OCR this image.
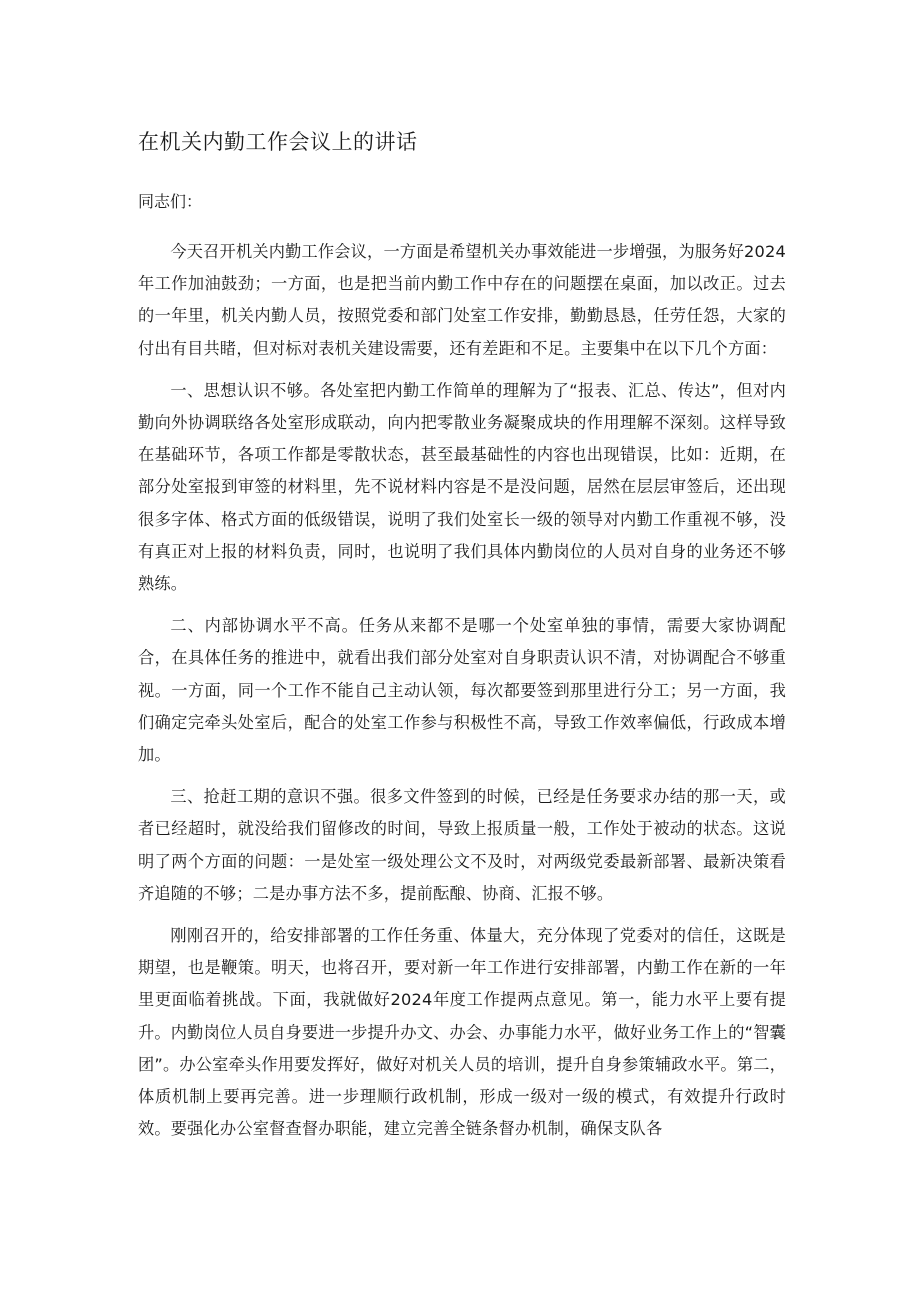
在机关内勤工作会议上的讲话

同志们：

今天召开机关内勤工作会议，一方面是希望机关办事效能进一步增强，为服务好2024年工作加油鼓劲；一方面，也是把当前内勤工作中存在的问题摆在桌面，加以改正。过去的一年里，机关内勤人员，按照党委和部门处室工作安排，勤勤恳恳，任劳任怨，大家的付出有目共睹，但对标对表机关建设需要，还有差距和不足。主要集中在以下几个方面：

一、思想认识不够。各处室把内勤工作简单的理解为了“报表、汇总、传达”，但对内勤向外协调联络各处室形成联动，向内把零散业务凝聚成块的作用理解不深刻。这样导致在基础环节，各项工作都是零散状态，甚至最基础性的内容也出现错误，比如：近期，在部分处室报到审签的材料里，先不说材料内容是不是没问题，居然在层层审签后，还出现很多字体、格式方面的低级错误，说明了我们处室长一级的领导对内勤工作重视不够，没有真正对上报的材料负责，同时，也说明了我们具体内勤岗位的人员对自身的业务还不够熟练。

二、内部协调水平不高。任务从来都不是哪一个处室单独的事情，需要大家协调配合，在具体任务的推进中，就看出我们部分处室对自身职责认识不清，对协调配合不够重视。一方面，同一个工作不能自己主动认领，每次都要签到那里进行分工；另一方面，我们确定完牵头处室后，配合的处室工作参与积极性不高，导致工作效率偏低，行政成本增加。

三、抢赶工期的意识不强。很多文件签到的时候，已经是任务要求办结的那一天，或者已经超时，就没给我们留修改的时间，导致上报质量一般，工作处于被动的状态。这说明了两个方面的问题：一是处室一级处理公文不及时，对两级党委最新部署、最新决策看齐追随的不够；二是办事方法不多，提前酝酿、协商、汇报不够。

刚刚召开的，给安排部署的工作任务重、体量大，充分体现了党委对的信任，这既是期望，也是鞭策。明天，也将召开，要对新一年工作进行安排部署，内勤工作在新的一年里更面临着挑战。下面，我就做好2024年度工作提两点意见。第一，能力水平上要有提升。内勤岗位人员自身要进一步提升办文、办会、办事能力水平，做好业务工作上的“智囊团”。办公室牵头作用要发挥好，做好对机关人员的培训，提升自身参策辅政水平。第二，体质机制上要再完善。进一步理顺行政机制，形成一级对一级的模式，有效提升行政时效。要强化办公室督查督办职能，建立完善全链条督办机制，确保支队各
